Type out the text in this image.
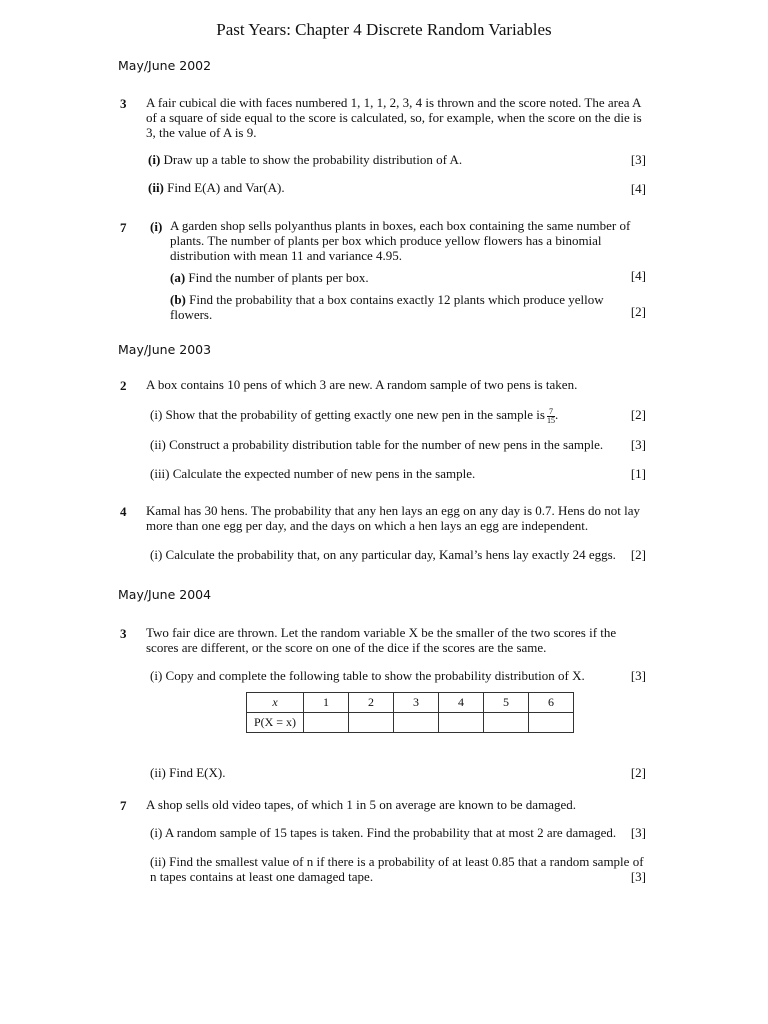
Past Years: Chapter 4 Discrete Random Variables
May/June 2002
3 A fair cubical die with faces numbered 1, 1, 1, 2, 3, 4 is thrown and the score noted. The area A of a square of side equal to the score is calculated, so, for example, when the score on the die is 3, the value of A is 9.
(i) Draw up a table to show the probability distribution of A.	[3]
(ii) Find E(A) and Var(A).	[4]
7 (i) A garden shop sells polyanthus plants in boxes, each box containing the same number of plants. The number of plants per box which produce yellow flowers has a binomial distribution with mean 11 and variance 4.95.
(a) Find the number of plants per box.	[4]
(b) Find the probability that a box contains exactly 12 plants which produce yellow flowers.	[2]
May/June 2003
2 A box contains 10 pens of which 3 are new. A random sample of two pens is taken.
(i) Show that the probability of getting exactly one new pen in the sample is $\frac{7}{15}$ .	[2]
(ii) Construct a probability distribution table for the number of new pens in the sample.	[3]
(iii) Calculate the expected number of new pens in the sample.	[1]
4 Kamal has 30 hens. The probability that any hen lays an egg on any day is 0.7. Hens do not lay more than one egg per day, and the days on which a hen lays an egg are independent.
(i) Calculate the probability that, on any particular day, Kamal’s hens lay exactly 24 eggs.	[2]
May/June 2004
3 Two fair dice are thrown. Let the random variable X be the smaller of the two scores if the scores are different, or the score on one of the dice if the scores are the same.
(i) Copy and complete the following table to show the probability distribution of X.	[3]
x	1	2	3	4	5	6
P(X = x)						
(ii) Find E(X).	[2]
7 A shop sells old video tapes, of which 1 in 5 on average are known to be damaged.
(i) A random sample of 15 tapes is taken. Find the probability that at most 2 are damaged.	[3]
(ii) Find the smallest value of n if there is a probability of at least 0.85 that a random sample of n tapes contains at least one damaged tape.	[3]
